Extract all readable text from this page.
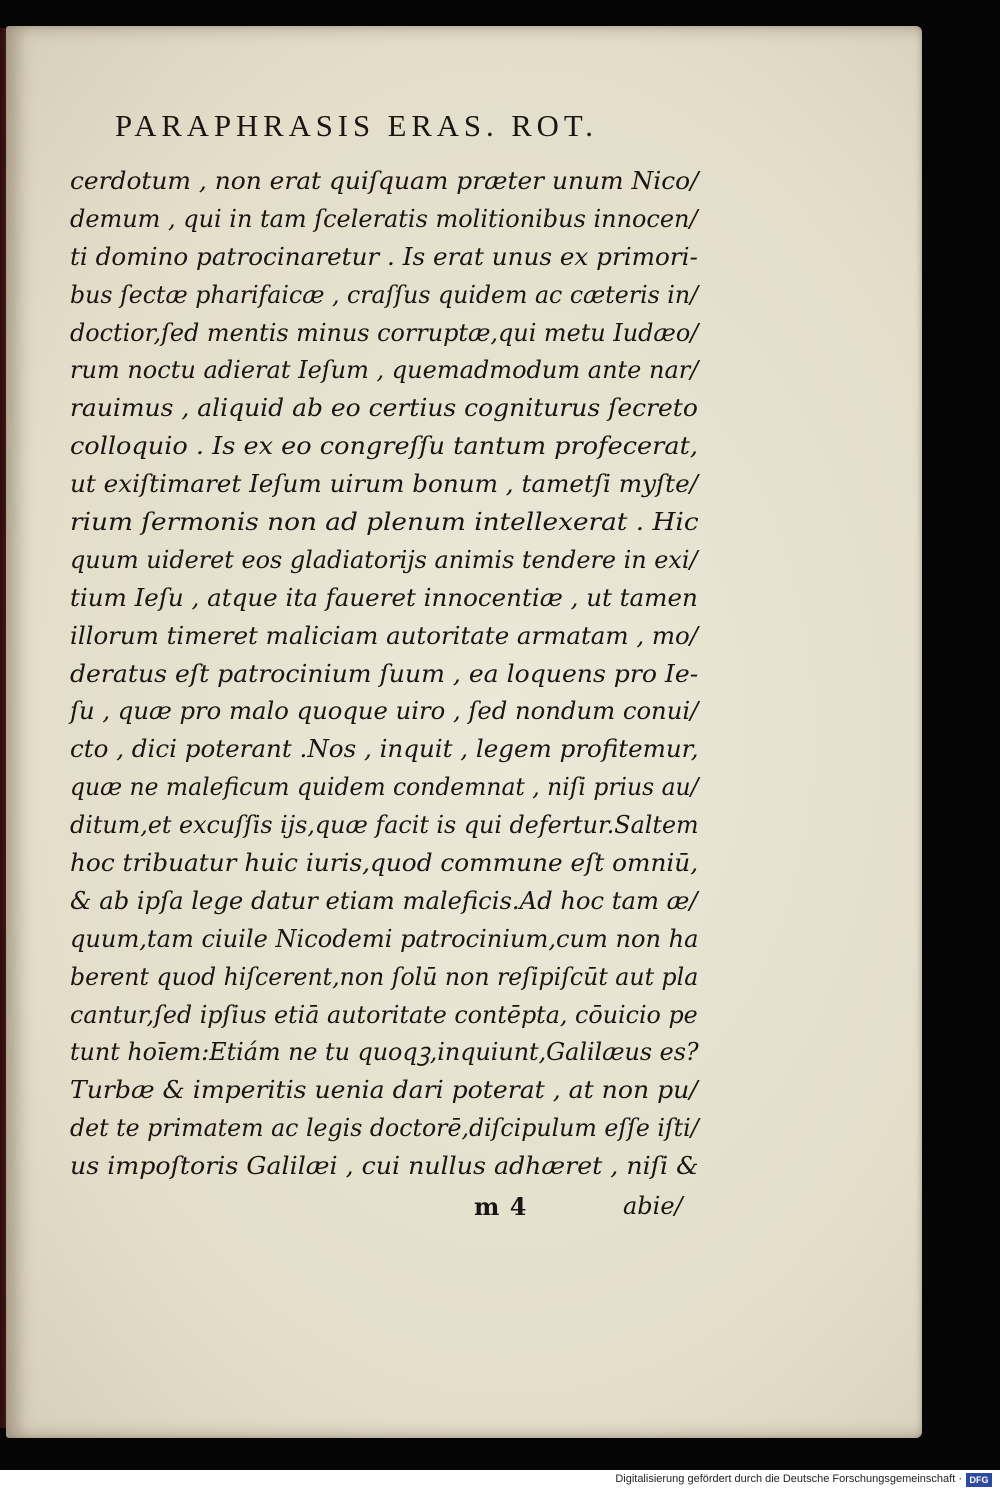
PARAPHRASIS ERAS. ROT.
cerdotum , non erat quiſquam præter unum Nico/
demum , qui in tam ſceleratis molitionibus innocen/
ti domino patrocinaretur . Is erat unus ex primori-
bus ſectæ pharifaicæ , craſſus quidem ac cæteris in/
doctior,ſed mentis minus corruptæ,qui metu Iudæo/
rum noctu adierat Ieſum , quemadmodum ante nar/
rauimus , aliquid ab eo certius cogniturus ſecreto
colloquio . Is ex eo congreſſu tantum profecerat,
ut exiſtimaret Ieſum uirum bonum , tametſi myſte/
rium ſermonis non ad plenum intellexerat . Hic
quum uideret eos gladiatorijs animis tendere in exi/
tium Ieſu , atque ita faueret innocentiæ , ut tamen
illorum timeret maliciam autoritate armatam , mo/
deratus eſt patrocinium ſuum , ea loquens pro Ie-
ſu , quæ pro malo quoque uiro , ſed nondum conui/
cto , dici poterant .Nos , inquit , legem profitemur,
quæ ne maleficum quidem condemnat , niſi prius au/
ditum,et excuſſis ijs,quæ facit is qui defertur.Saltem
hoc tribuatur huic iuris,quod commune eſt omniū,
& ab ipſa lege datur etiam maleficis.Ad hoc tam æ/
quum,tam ciuile Nicodemi patrocinium,cum non ha
berent quod hiſcerent,non ſolū non reſipiſcūt aut pla
cantur,ſed ipſius etiā autoritate contēpta, cōuicio pe
tunt hoīem:Etiám ne tu quoqꝫ,inquiunt,Galilæus es?
Turbæ & imperitis uenia dari poterat , at non pu/
det te primatem ac legis doctorē,diſcipulum eſſe iſti/
us impoſtoris Galilæi , cui nullus adhæret , niſi &
m 4	abie/
Digitalisierung gefördert durch die Deutsche Forschungsgemeinschaft · DFG
